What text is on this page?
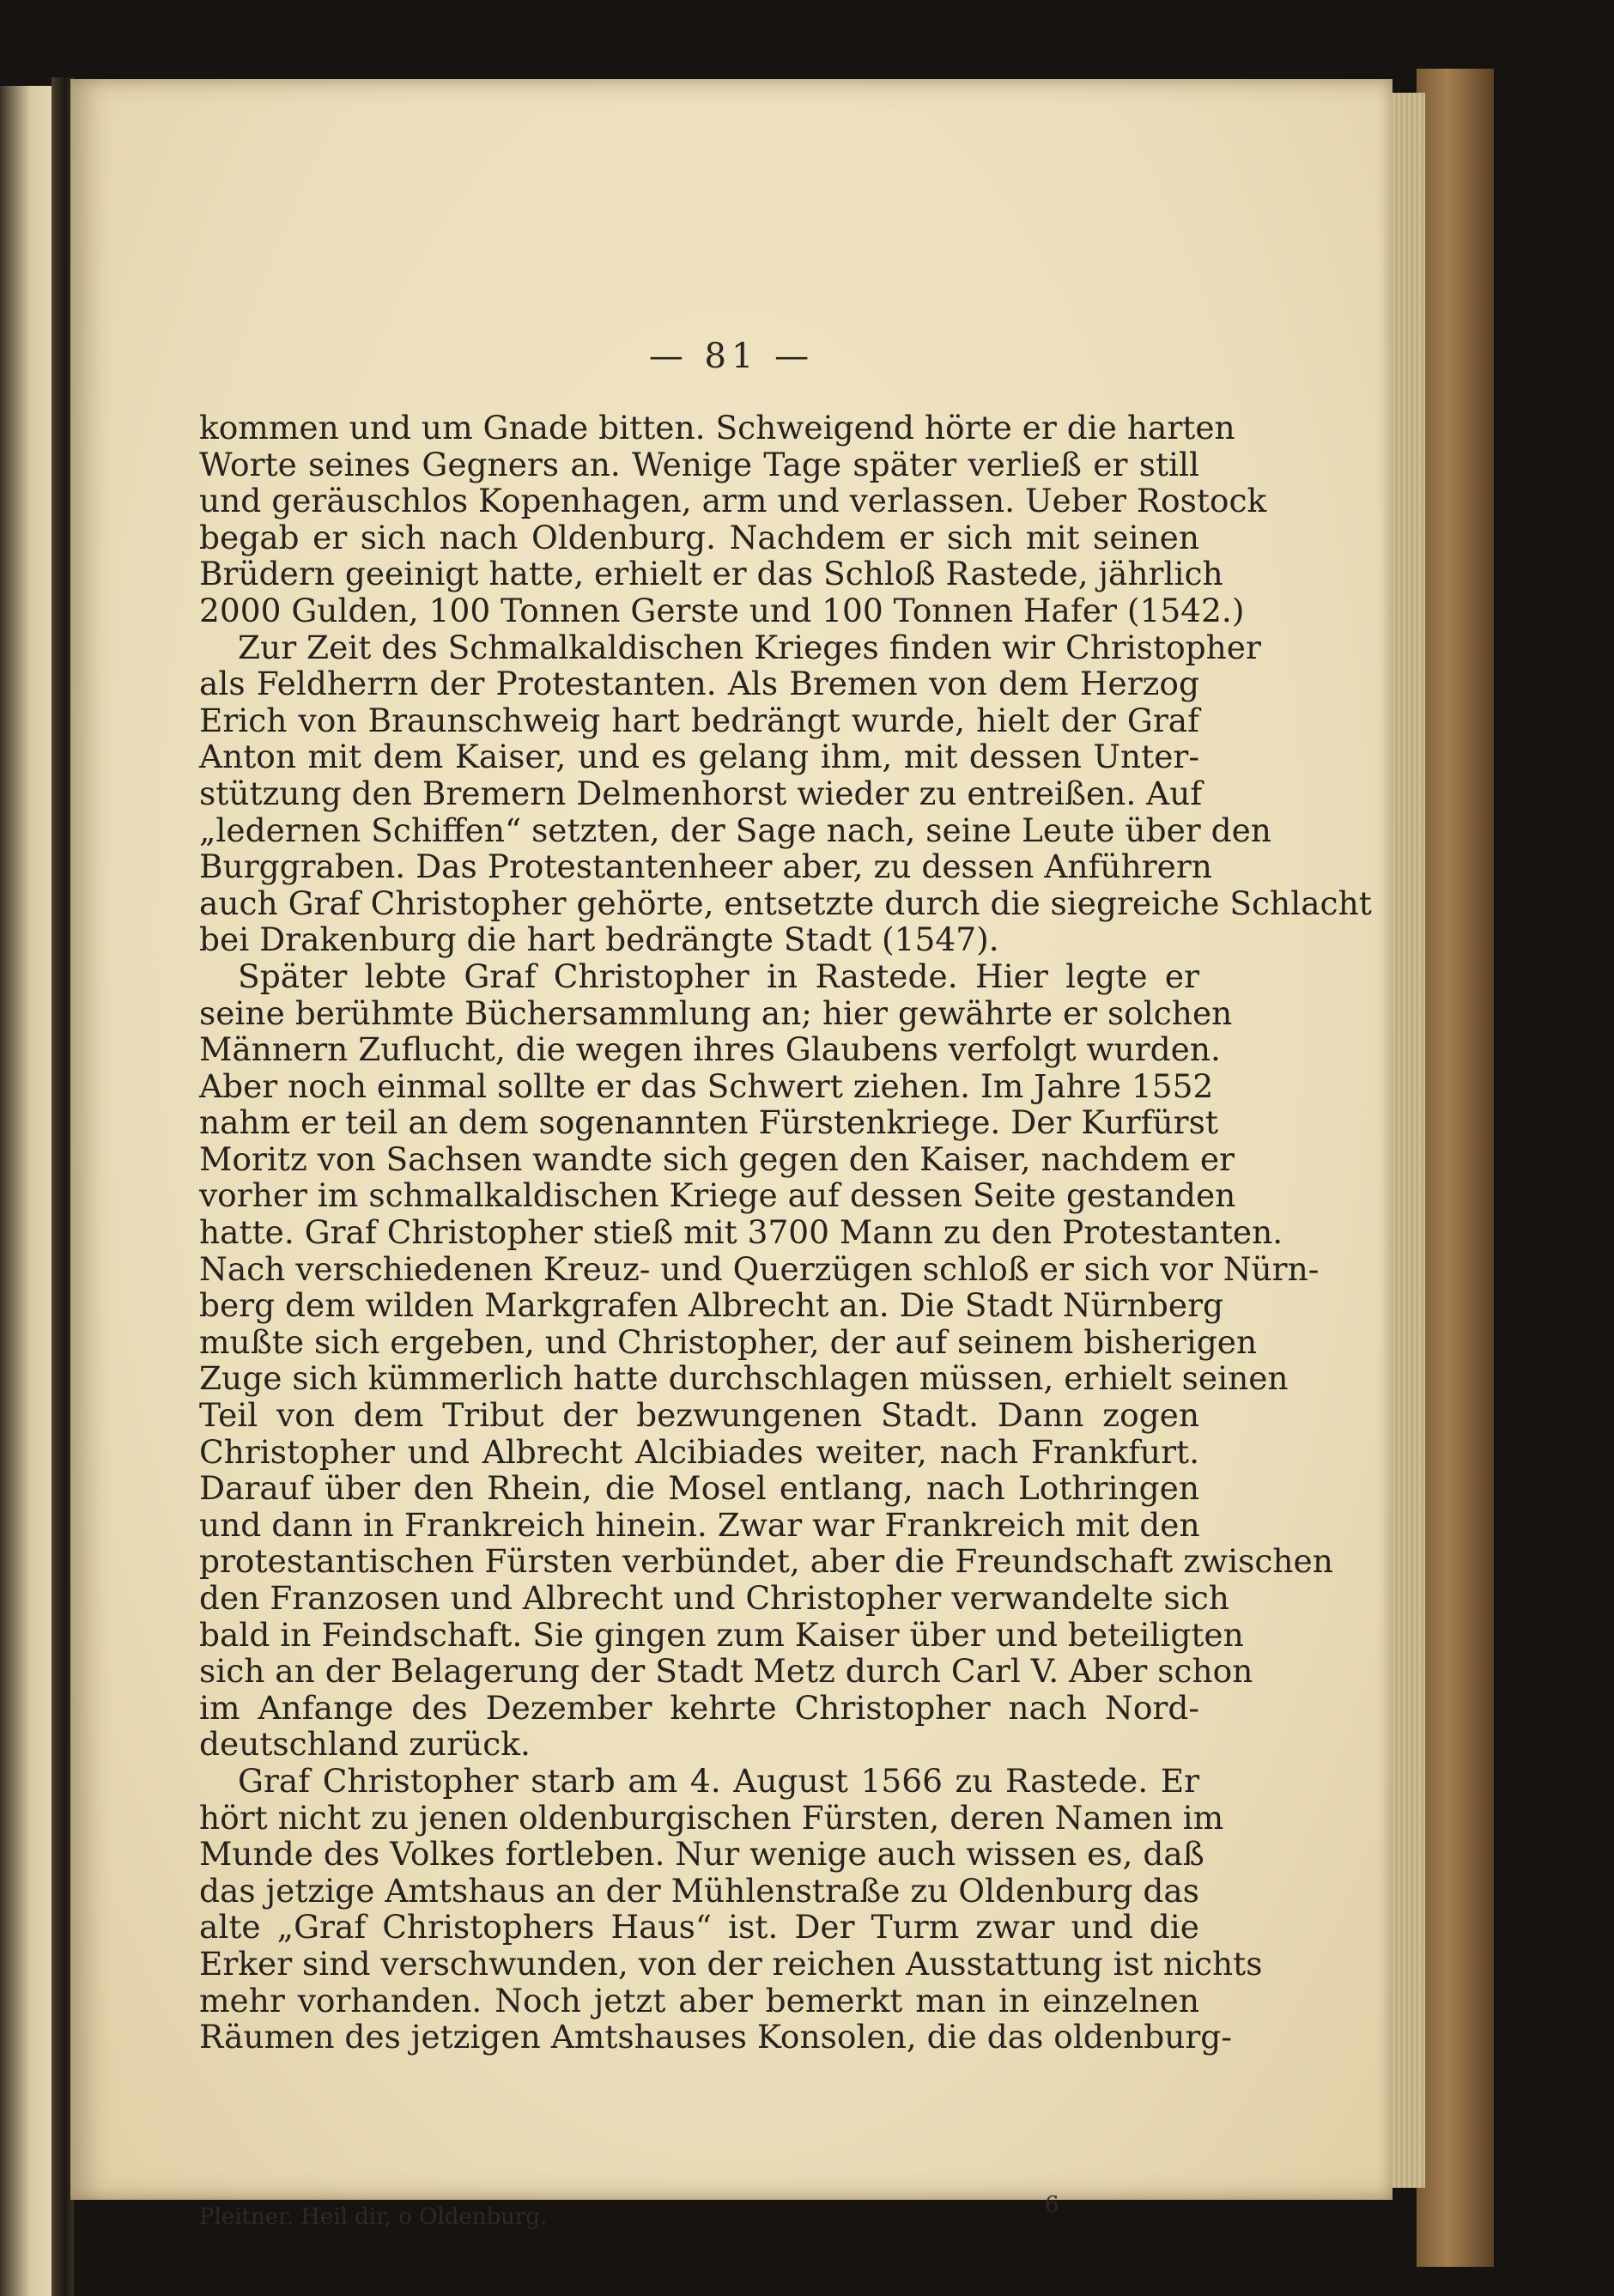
— 81 —
kommen und um Gnade bitten. Schweigend hörte er die harten
Worte seines Gegners an. Wenige Tage später verließ er still
und geräuschlos Kopenhagen, arm und verlassen. Ueber Rostock
begab er sich nach Oldenburg. Nachdem er sich mit seinen
Brüdern geeinigt hatte, erhielt er das Schloß Rastede, jährlich
2000 Gulden, 100 Tonnen Gerste und 100 Tonnen Hafer (1542.)
Zur Zeit des Schmalkaldischen Krieges finden wir Christopher
als Feldherrn der Protestanten. Als Bremen von dem Herzog
Erich von Braunschweig hart bedrängt wurde, hielt der Graf
Anton mit dem Kaiser, und es gelang ihm, mit dessen Unter-
stützung den Bremern Delmenhorst wieder zu entreißen. Auf
„ledernen Schiffen“ setzten, der Sage nach, seine Leute über den
Burggraben. Das Protestantenheer aber, zu dessen Anführern
auch Graf Christopher gehörte, entsetzte durch die siegreiche Schlacht
bei Drakenburg die hart bedrängte Stadt (1547).
Später lebte Graf Christopher in Rastede. Hier legte er
seine berühmte Büchersammlung an; hier gewährte er solchen
Männern Zuflucht, die wegen ihres Glaubens verfolgt wurden.
Aber noch einmal sollte er das Schwert ziehen. Im Jahre 1552
nahm er teil an dem sogenannten Fürstenkriege. Der Kurfürst
Moritz von Sachsen wandte sich gegen den Kaiser, nachdem er
vorher im schmalkaldischen Kriege auf dessen Seite gestanden
hatte. Graf Christopher stieß mit 3700 Mann zu den Protestanten.
Nach verschiedenen Kreuz- und Querzügen schloß er sich vor Nürn-
berg dem wilden Markgrafen Albrecht an. Die Stadt Nürnberg
mußte sich ergeben, und Christopher, der auf seinem bisherigen
Zuge sich kümmerlich hatte durchschlagen müssen, erhielt seinen
Teil von dem Tribut der bezwungenen Stadt. Dann zogen
Christopher und Albrecht Alcibiades weiter, nach Frankfurt.
Darauf über den Rhein, die Mosel entlang, nach Lothringen
und dann in Frankreich hinein. Zwar war Frankreich mit den
protestantischen Fürsten verbündet, aber die Freundschaft zwischen
den Franzosen und Albrecht und Christopher verwandelte sich
bald in Feindschaft. Sie gingen zum Kaiser über und beteiligten
sich an der Belagerung der Stadt Metz durch Carl V. Aber schon
im Anfange des Dezember kehrte Christopher nach Nord-
deutschland zurück.
Graf Christopher starb am 4. August 1566 zu Rastede. Er
hört nicht zu jenen oldenburgischen Fürsten, deren Namen im
Munde des Volkes fortleben. Nur wenige auch wissen es, daß
das jetzige Amtshaus an der Mühlenstraße zu Oldenburg das
alte „Graf Christophers Haus“ ist. Der Turm zwar und die
Erker sind verschwunden, von der reichen Ausstattung ist nichts
mehr vorhanden. Noch jetzt aber bemerkt man in einzelnen
Räumen des jetzigen Amtshauses Konsolen, die das oldenburg-
Pleitner. Heil dir, o Oldenburg.	6
